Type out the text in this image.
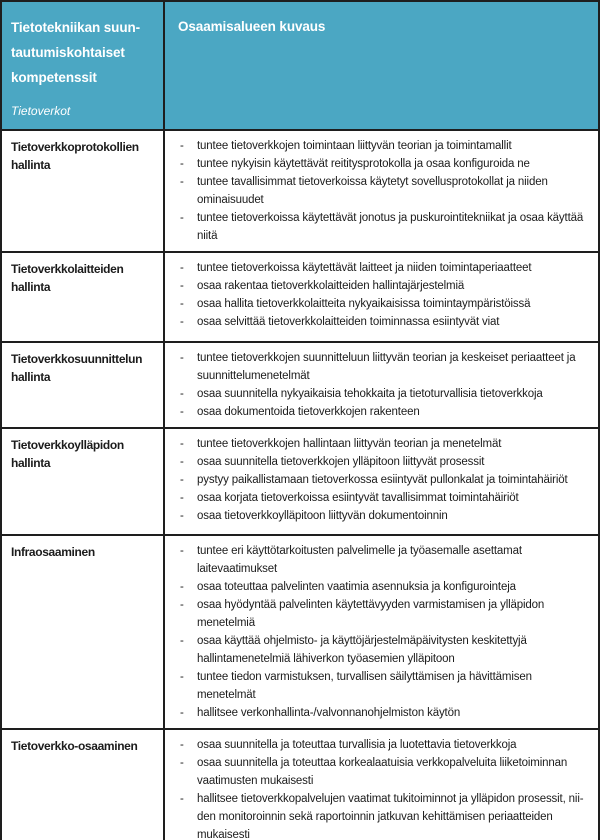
Tietotekniikan suun-
tautumiskohtaiset
kompetenssit
Tietoverkot
Osaamisalueen kuvaus
Tietoverkkoprotokollien hallinta
- tuntee tietoverkkojen toimintaan liittyvän teorian ja toimintamallit
- tuntee nykyisin käytettävät reititysprotokolla ja osaa konfiguroida ne
- tuntee tavallisimmat tietoverkoissa käytetyt sovellusprotokollat ja niiden ominaisuudet
- tuntee tietoverkoissa käytettävät jonotus ja puskurointitekniikat ja osaa käyttää niitä
Tietoverkkolaitteiden hallinta
- tuntee tietoverkoissa käytettävät laitteet ja niiden toimintaperiaatteet
- osaa rakentaa tietoverkkolaitteiden hallintajärjestelmiä
- osaa hallita tietoverkkolaitteita nykyaikaisissa toimintaympäristöissä
- osaa selvittää tietoverkkolaitteiden toiminnassa esiintyvät viat
Tietoverkkosuunnittelun hallinta
- tuntee tietoverkkojen suunnitteluun liittyvän teorian ja keskeiset periaatteet ja suunnittelumenetelmät
- osaa suunnitella nykyaikaisia tehokkaita ja tietoturvallisia tietoverkkoja
- osaa dokumentoida tietoverkkojen rakenteen
Tietoverkkoylläpidon hallinta
- tuntee tietoverkkojen hallintaan liittyvän teorian ja menetelmät
- osaa suunnitella tietoverkkojen ylläpitoon liittyvät prosessit
- pystyy paikallistamaan tietoverkossa esiintyvät pullonkalat ja toimintahäiriöt
- osaa korjata tietoverkoissa esiintyvät tavallisimmat toimintahäiriöt
- osaa tietoverkkoylläpitoon liittyvän dokumentoinnin
Infraosaaminen	- tuntee eri käyttötarkoitusten palvelimelle ja työasemalle asettamat laitevaatimukset
- osaa toteuttaa palvelinten vaatimia asennuksia ja konfigurointeja
- osaa hyödyntää palvelinten käytettävyyden varmistamisen ja ylläpidon menetelmiä
- osaa käyttää ohjelmisto- ja käyttöjärjestelmäpäivitysten keskitettyjä hallintamenetelmiä lähiverkon työasemien ylläpitoon
- tuntee tiedon varmistuksen, turvallisen säilyttämisen ja hävittämisen menetelmät
- hallitsee verkonhallinta-/valvonnanohjelmiston käytön
Tietoverkko-osaaminen	- osaa suunnitella ja toteuttaa turvallisia ja luotettavia tietoverkkoja
- osaa suunnitella ja toteuttaa korkealaatuisia verkkopalveluita liiketoiminnan vaatimusten mukaisesti
- hallitsee tietoverkkopalvelujen vaatimat tukitoiminnot ja ylläpidon prosessit, niiden monitoroinnin sekä raportoinnin jatkuvan kehittämisen periaatteiden mukaisesti
